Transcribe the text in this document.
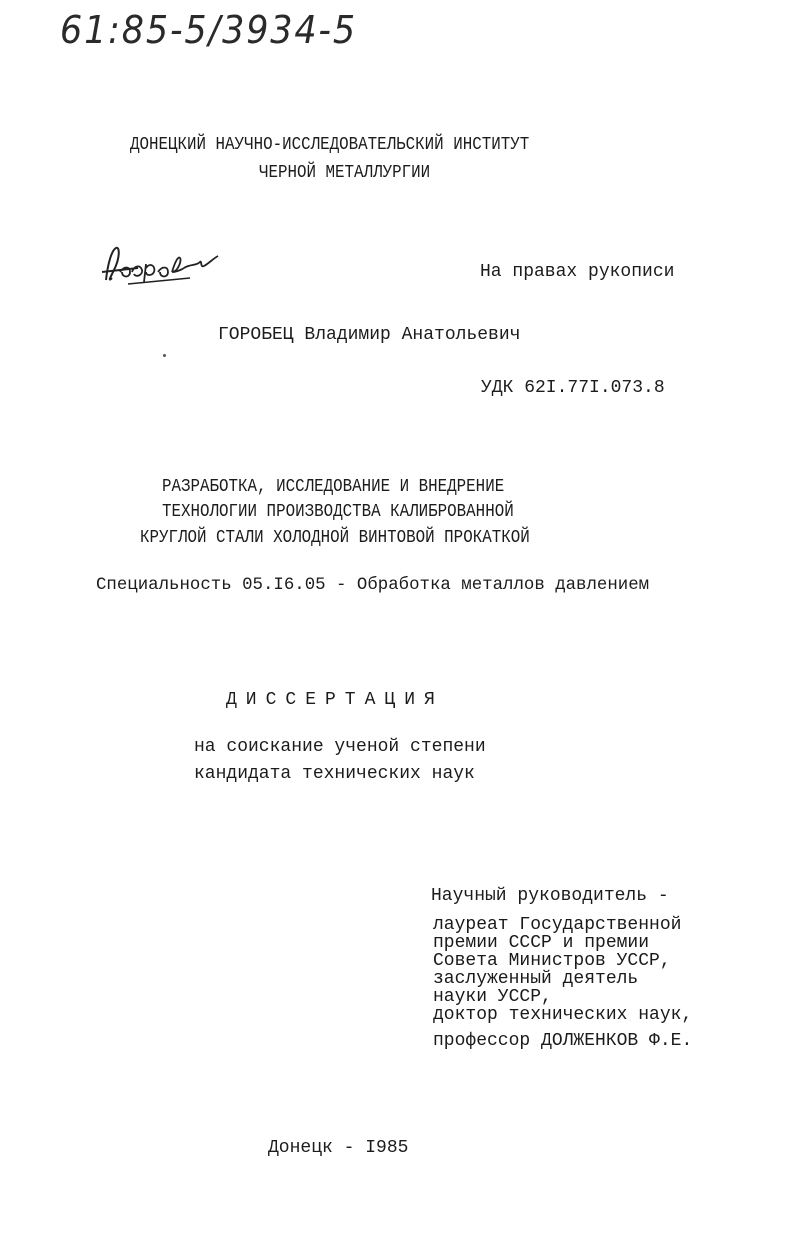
61:85-5/3934-5
ДОНЕЦКИЙ НАУЧНО-ИССЛЕДОВАТЕЛЬСКИЙ ИНСТИТУТ
ЧЕРНОЙ МЕТАЛЛУРГИИ
На правах рукописи
ГОРОБЕЦ Владимир Анатольевич
УДК 62I.77I.073.8
РАЗРАБОТКА, ИССЛЕДОВАНИЕ И ВНЕДРЕНИЕ
ТЕХНОЛОГИИ ПРОИЗВОДСТВА КАЛИБРОВАННОЙ
КРУГЛОЙ СТАЛИ ХОЛОДНОЙ ВИНТОВОЙ ПРОКАТКОЙ
Специальность 05.I6.05 - Обработка металлов давлением
ДИССЕРТАЦИЯ
на соискание ученой степени
кандидата технических наук
Научный руководитель -
лауреат Государственной
премии СССР и премии
Совета Министров УССР,
заслуженный деятель
науки УССР,
доктор технических наук,
профессор ДОЛЖЕНКОВ Ф.Е.
Донецк - I985
